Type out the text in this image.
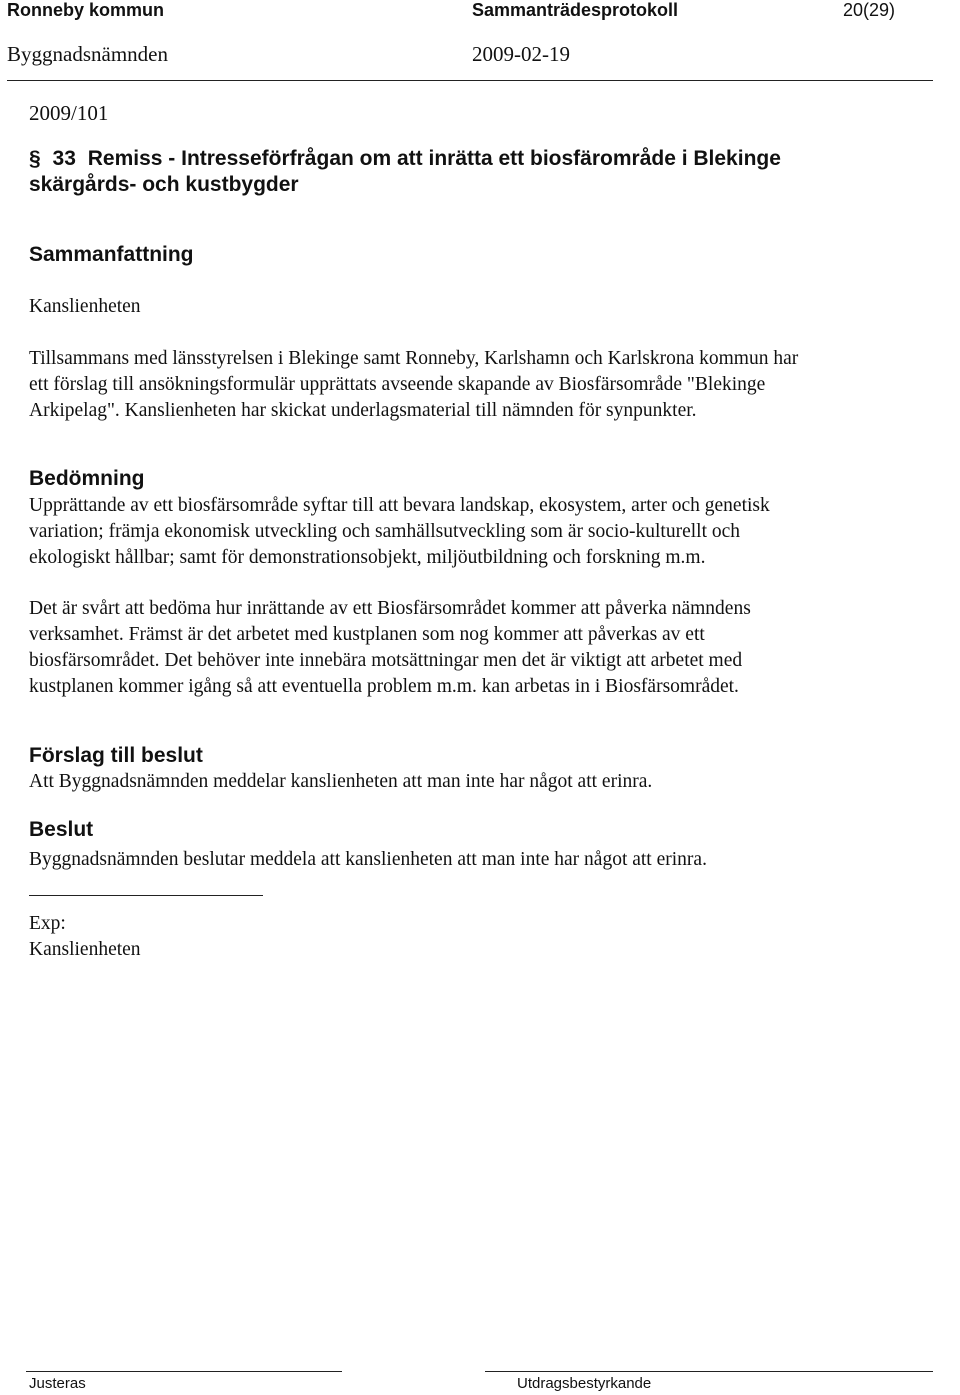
Ronneby kommun	Sammanträdesprotokoll	20(29)
Byggnadsnämnden	2009-02-19
2009/101
§ 33 Remiss - Intresseförfrågan om att inrätta ett biosfärområde i Blekinge
skärgårds- och kustbygder
Sammanfattning
Kanslienheten
Tillsammans med länsstyrelsen i Blekinge samt Ronneby, Karlshamn och Karlskrona kommun har
ett förslag till ansökningsformulär upprättats avseende skapande av Biosfärsområde "Blekinge
Arkipelag". Kanslienheten har skickat underlagsmaterial till nämnden för synpunkter.
Bedömning
Upprättande av ett biosfärsområde syftar till att bevara landskap, ekosystem, arter och genetisk
variation; främja ekonomisk utveckling och samhällsutveckling som är socio-kulturellt och
ekologiskt hållbar; samt för demonstrationsobjekt, miljöutbildning och forskning m.m.
Det är svårt att bedöma hur inrättande av ett Biosfärsområdet kommer att påverka nämndens
verksamhet. Främst är det arbetet med kustplanen som nog kommer att påverkas av ett
biosfärsområdet. Det behöver inte innebära motsättningar men det är viktigt att arbetet med
kustplanen kommer igång så att eventuella problem m.m. kan arbetas in i Biosfärsområdet.
Förslag till beslut
Att Byggnadsnämnden meddelar kanslienheten att man inte har något att erinra.
Beslut
Byggnadsnämnden beslutar meddela att kanslienheten att man inte har något att erinra.
Exp:
Kanslienheten
Justeras	Utdragsbestyrkande
